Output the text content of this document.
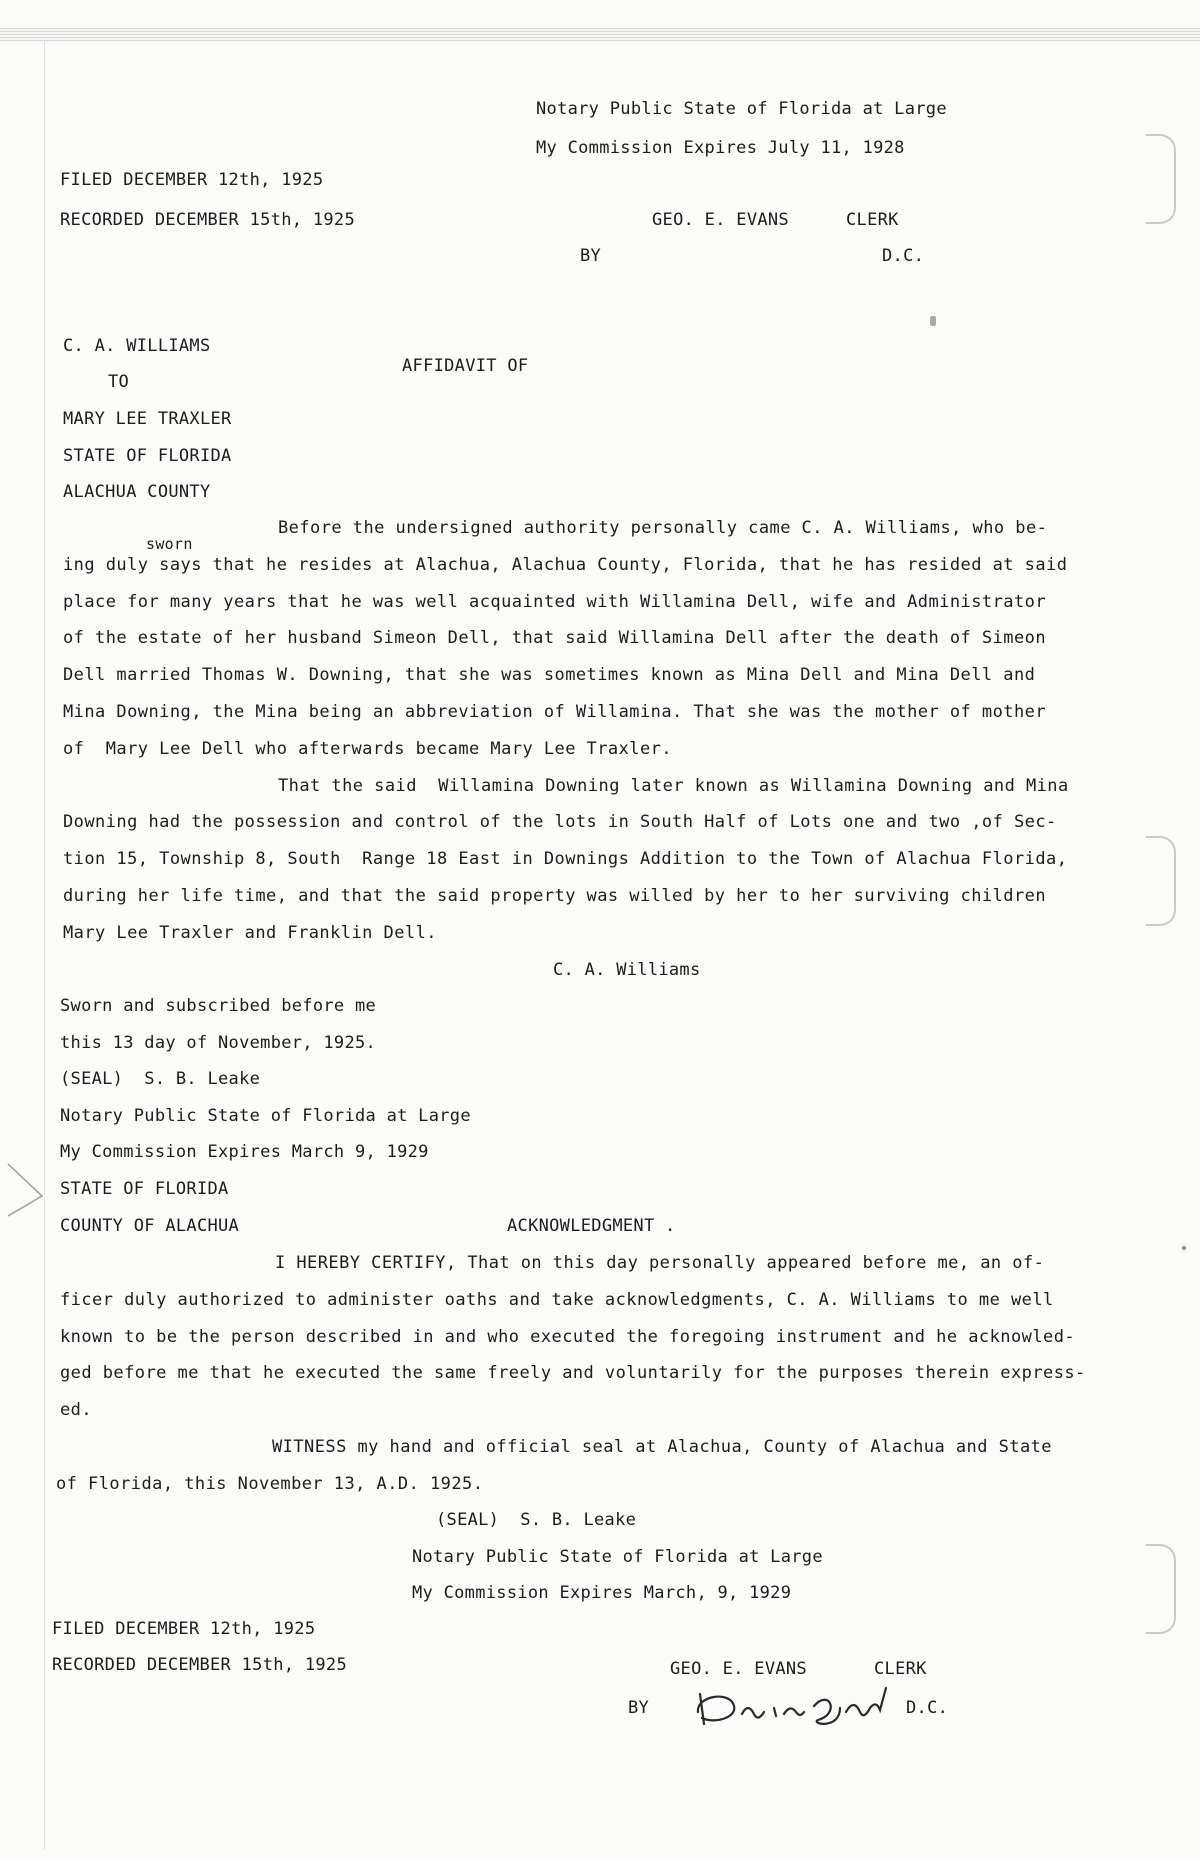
Notary Public State of Florida at Large
My Commission Expires July 11, 1928
FILED DECEMBER 12th, 1925
RECORDED DECEMBER 15th, 1925	GEO. E. EVANS	CLERK
BY	D.C.
C. A. WILLIAMS
AFFIDAVIT OF
TO
MARY LEE TRAXLER
STATE OF FLORIDA
ALACHUA COUNTY
sworn
Before the undersigned authority personally came C. A. Williams, who be-
ing duly says that he resides at Alachua, Alachua County, Florida, that he has resided at said
place for many years that he was well acquainted with Willamina Dell, wife and Administrator
of the estate of her husband Simeon Dell, that said Willamina Dell after the death of Simeon
Dell married Thomas W. Downing, that she was sometimes known as Mina Dell and Mina Dell and
Mina Downing, the Mina being an abbreviation of Willamina. That she was the mother of mother
of  Mary Lee Dell who afterwards became Mary Lee Traxler.
That the said  Willamina Downing later known as Willamina Downing and Mina
Downing had the possession and control of the lots in South Half of Lots one and two ,of Sec-
tion 15, Township 8, South  Range 18 East in Downings Addition to the Town of Alachua Florida,
during her life time, and that the said property was willed by her to her surviving children
Mary Lee Traxler and Franklin Dell.
C. A. Williams
Sworn and subscribed before me
this 13 day of November, 1925.
(SEAL)  S. B. Leake
Notary Public State of Florida at Large
My Commission Expires March 9, 1929
STATE OF FLORIDA
COUNTY OF ALACHUA	ACKNOWLEDGMENT .
I HEREBY CERTIFY, That on this day personally appeared before me, an of-
ficer duly authorized to administer oaths and take acknowledgments, C. A. Williams to me well
known to be the person described in and who executed the foregoing instrument and he acknowled-
ged before me that he executed the same freely and voluntarily for the purposes therein express-
ed.
WITNESS my hand and official seal at Alachua, County of Alachua and State
of Florida, this November 13, A.D. 1925.
(SEAL)  S. B. Leake
Notary Public State of Florida at Large
My Commission Expires March, 9, 1929
FILED DECEMBER 12th, 1925
RECORDED DECEMBER 15th, 1925	GEO. E. EVANS	CLERK
BY	D.C.
